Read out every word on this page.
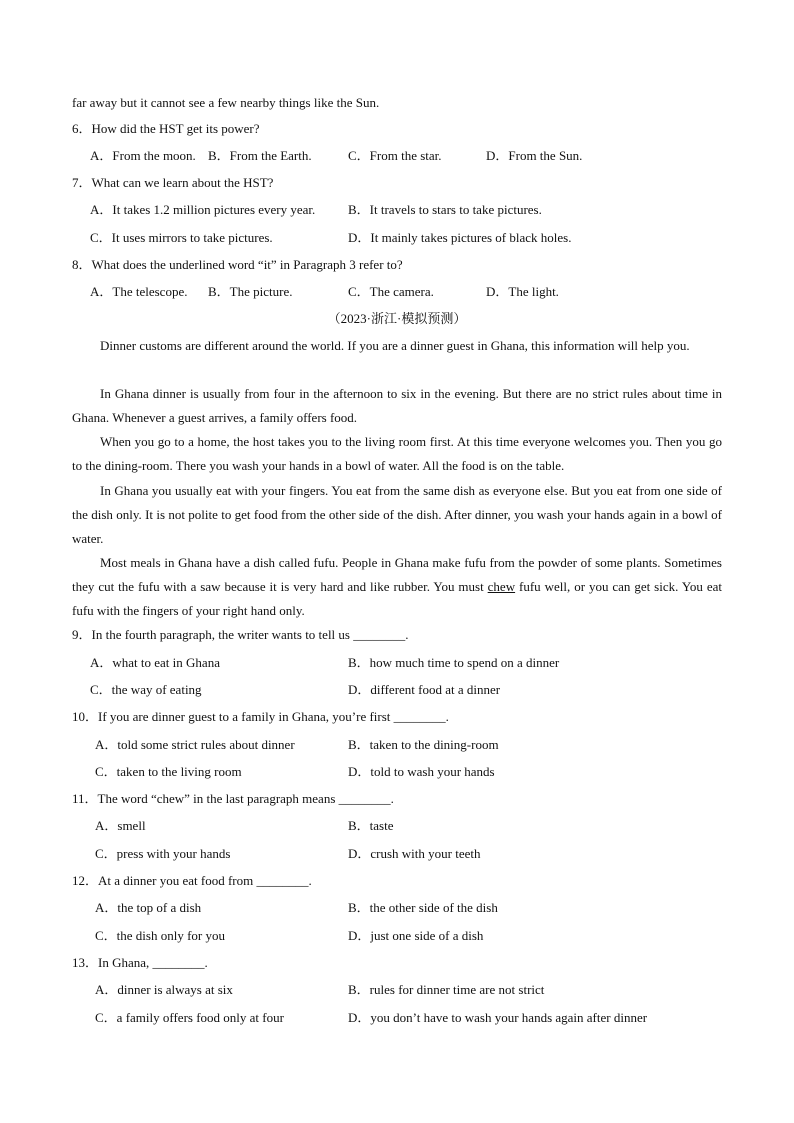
far away but it cannot see a few nearby things like the Sun.
6．How did the HST get its power?
A．From the moon. B．From the Earth.	C．From the star.	D．From the Sun.
7．What can we learn about the HST?
A．It takes 1.2 million pictures every year.	B．It travels to stars to take pictures.
C．It uses mirrors to take pictures.	D．It mainly takes pictures of black holes.
8．What does the underlined word “it” in Paragraph 3 refer to?
A．The telescope. B．The picture.	C．The camera.	D．The light.
（2023·浙江·模拟预测）
Dinner customs are different around the world. If you are a dinner guest in Ghana, this information will help you.
In Ghana dinner is usually from four in the afternoon to six in the evening. But there are no strict rules about time in Ghana. Whenever a guest arrives, a family offers food.
When you go to a home, the host takes you to the living room first. At this time everyone welcomes you. Then you go to the dining-room. There you wash your hands in a bowl of water. All the food is on the table.
In Ghana you usually eat with your fingers. You eat from the same dish as everyone else. But you eat from one side of the dish only. It is not polite to get food from the other side of the dish. After dinner, you wash your hands again in a bowl of water.
Most meals in Ghana have a dish called fufu. People in Ghana make fufu from the powder of some plants. Sometimes they cut the fufu with a saw because it is very hard and like rubber. You must chew fufu well, or you can get sick. You eat fufu with the fingers of your right hand only.
9．In the fourth paragraph, the writer wants to tell us ________.
A．what to eat in Ghana	B．how much time to spend on a dinner
C．the way of eating	D．different food at a dinner
10．If you are dinner guest to a family in Ghana, you’re first ________.
A．told some strict rules about dinner	B．taken to the dining-room
C．taken to the living room	D．told to wash your hands
11．The word “chew” in the last paragraph means ________.
A．smell	B．taste
C．press with your hands	D．crush with your teeth
12．At a dinner you eat food from ________.
A．the top of a dish	B．the other side of the dish
C．the dish only for you	D．just one side of a dish
13．In Ghana, ________.
A．dinner is always at six	B．rules for dinner time are not strict
C．a family offers food only at four	D．you don’t have to wash your hands again after dinner
